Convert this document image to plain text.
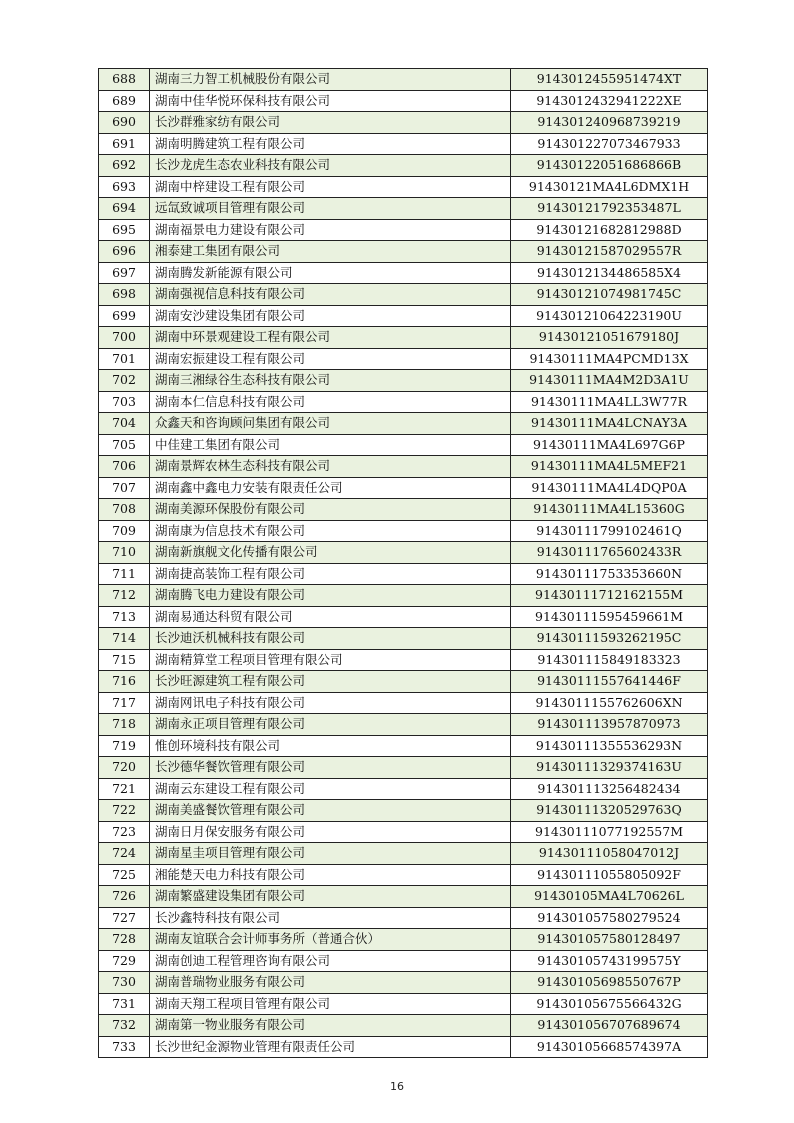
688	湖南三力智工机械股份有限公司	9143012455951474XT
689	湖南中佳华悦环保科技有限公司	9143012432941222XE
690	长沙群雅家纺有限公司	914301240968739219
691	湖南明腾建筑工程有限公司	914301227073467933
692	长沙龙虎生态农业科技有限公司	91430122051686866B
693	湖南中梓建设工程有限公司	91430121MA4L6DMX1H
694	远氙致诚项目管理有限公司	91430121792353487L
695	湖南福景电力建设有限公司	91430121682812988D
696	湘泰建工集团有限公司	91430121587029557R
697	湖南腾发新能源有限公司	9143012134486585X4
698	湖南强视信息科技有限公司	91430121074981745C
699	湖南安沙建设集团有限公司	91430121064223190U
700	湖南中环景观建设工程有限公司	91430121051679180J
701	湖南宏振建设工程有限公司	91430111MA4PCMD13X
702	湖南三湘绿谷生态科技有限公司	91430111MA4M2D3A1U
703	湖南本仁信息科技有限公司	91430111MA4LL3W77R
704	众鑫天和咨询顾问集团有限公司	91430111MA4LCNAY3A
705	中佳建工集团有限公司	91430111MA4L697G6P
706	湖南景辉农林生态科技有限公司	91430111MA4L5MEF21
707	湖南鑫中鑫电力安装有限责任公司	91430111MA4L4DQP0A
708	湖南美源环保股份有限公司	91430111MA4L15360G
709	湖南康为信息技术有限公司	91430111799102461Q
710	湖南新旗舰文化传播有限公司	91430111765602433R
711	湖南捷高装饰工程有限公司	91430111753353660N
712	湖南腾飞电力建设有限公司	91430111712162155M
713	湖南易通达科贸有限公司	91430111595459661M
714	长沙迪沃机械科技有限公司	91430111593262195C
715	湖南精算堂工程项目管理有限公司	914301115849183323
716	长沙旺源建筑工程有限公司	91430111557641446F
717	湖南网讯电子科技有限公司	9143011155762606XN
718	湖南永正项目管理有限公司	914301113957870973
719	惟创环境科技有限公司	91430111355536293N
720	长沙德华餐饮管理有限公司	91430111329374163U
721	湖南云东建设工程有限公司	914301113256482434
722	湖南美盛餐饮管理有限公司	91430111320529763Q
723	湖南日月保安服务有限公司	91430111077192557M
724	湖南星圭项目管理有限公司	91430111058047012J
725	湘能楚天电力科技有限公司	91430111055805092F
726	湖南繁盛建设集团有限公司	91430105MA4L70626L
727	长沙鑫特科技有限公司	914301057580279524
728	湖南友谊联合会计师事务所（普通合伙）	914301057580128497
729	湖南创迪工程管理咨询有限公司	91430105743199575Y
730	湖南普瑞物业服务有限公司	91430105698550767P
731	湖南天翔工程项目管理有限公司	91430105675566432G
732	湖南第一物业服务有限公司	914301056707689674
733	长沙世纪金源物业管理有限责任公司	91430105668574397A
16
